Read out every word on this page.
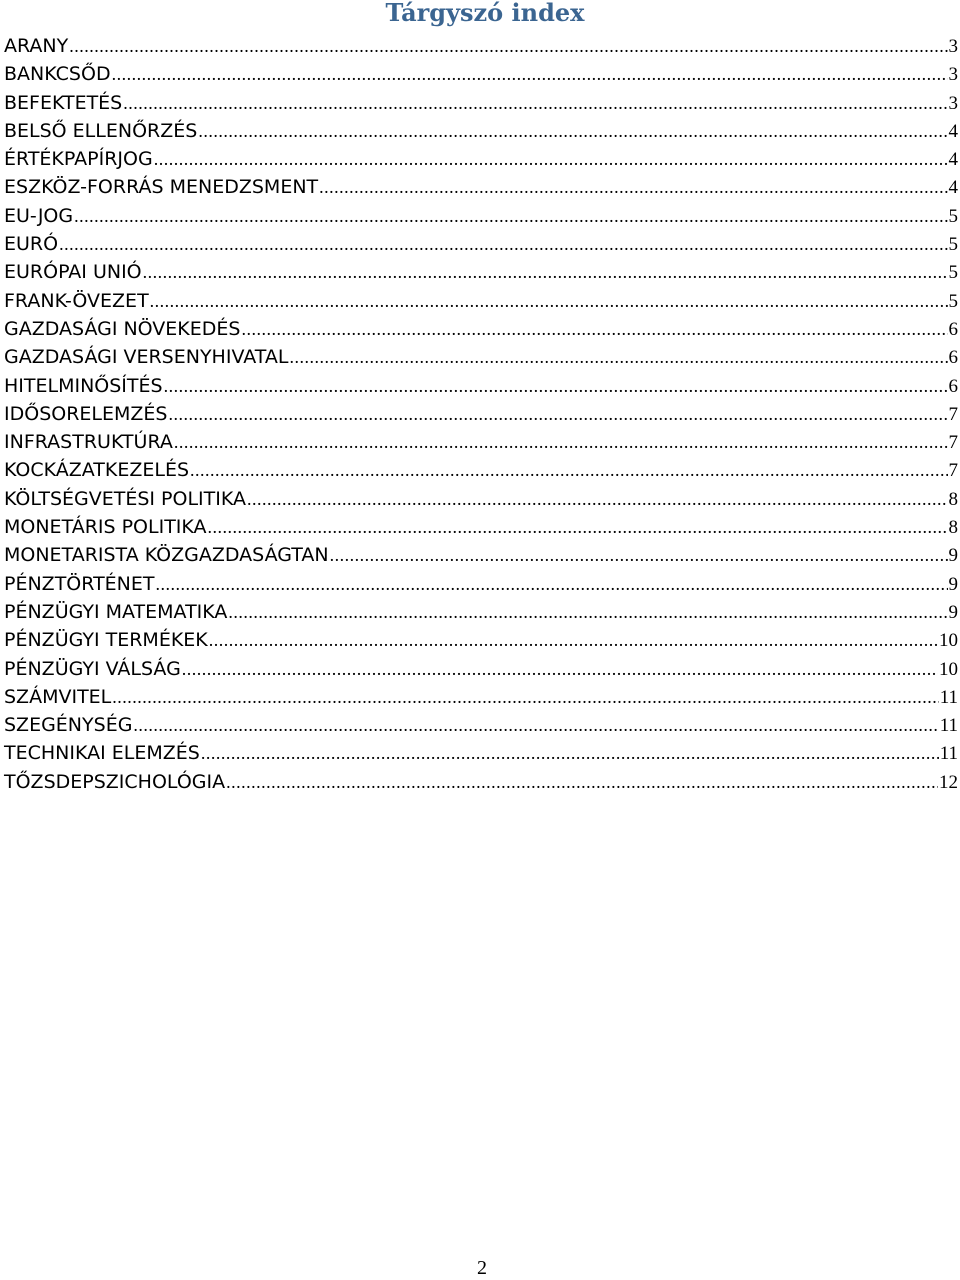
Tárgyszó index
ARANY .....	3
BANKCSŐD .....	3
BEFEKTETÉS .....	3
BELSŐ ELLENŐRZÉS .....	4
ÉRTÉKPAPÍRJOG .....	4
ESZKÖZ-FORRÁS MENEDZSMENT .....	4
EU-JOG .....	5
EURÓ .....	5
EURÓPAI UNIÓ .....	5
FRANK-ÖVEZET .....	5
GAZDASÁGI NÖVEKEDÉS .....	6
GAZDASÁGI VERSENYHIVATAL .....	6
HITELMINŐSÍTÉS .....	6
IDŐSORELEMZÉS .....	7
INFRASTRUKTÚRA .....	7
KOCKÁZATKEZELÉS .....	7
KÖLTSÉGVETÉSI POLITIKA .....	8
MONETÁRIS POLITIKA .....	8
MONETARISTA KÖZGAZDASÁGTAN .....	9
PÉNZTÖRTÉNET .....	9
PÉNZÜGYI MATEMATIKA .....	9
PÉNZÜGYI TERMÉKEK .....	10
PÉNZÜGYI VÁLSÁG .....	10
SZÁMVITEL .....	11
SZEGÉNYSÉG .....	11
TECHNIKAI ELEMZÉS .....	11
TŐZSDEPSZICHOLÓGIA .....	12
2
